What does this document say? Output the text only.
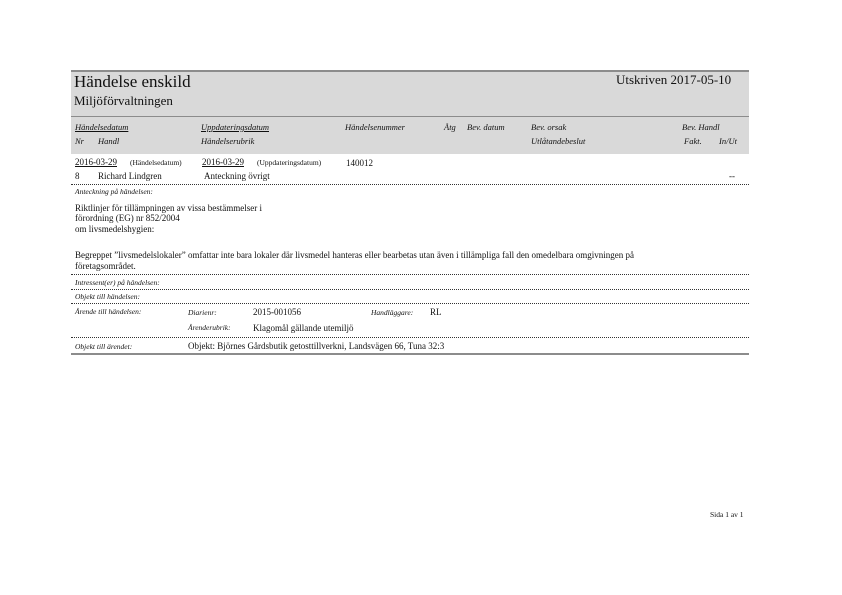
Händelse enskild
Miljöförvaltningen
Utskriven 2017-05-10
Händelsedatum	Uppdateringsdatum	Händelsenummer	Åtg Bev. datum	Bev. orsak	Bev. Handl
Nr Handl	Händelserubrik	Utlåtandebeslut	Fakt. In/Ut
2016-03-29 (Händelsedatum) 2016-03-29 (Uppdateringsdatum)	140012
8 Richard Lindgren	Anteckning övrigt	--
Anteckning på händelsen:
Riktlinjer för tillämpningen av vissa bestämmelser i
förordning (EG) nr 852/2004
om livsmedelshygien:
Begreppet ”livsmedelslokaler” omfattar inte bara lokaler där livsmedel hanteras eller bearbetas utan även i tillämpliga fall den omedelbara omgivningen på
företagsområdet.
Intressent(er) på händelsen:
Objekt till händelsen:
Ärende till händelsen:	Diarienr:	2015-001056	Handläggare: RL
Ärenderubrik: Klagomål gällande utemiljö
Objekt till ärendet:	Objekt: Björnes Gårdsbutik getosttillverkni, Landsvägen 66, Tuna 32:3
Sida 1 av 1
